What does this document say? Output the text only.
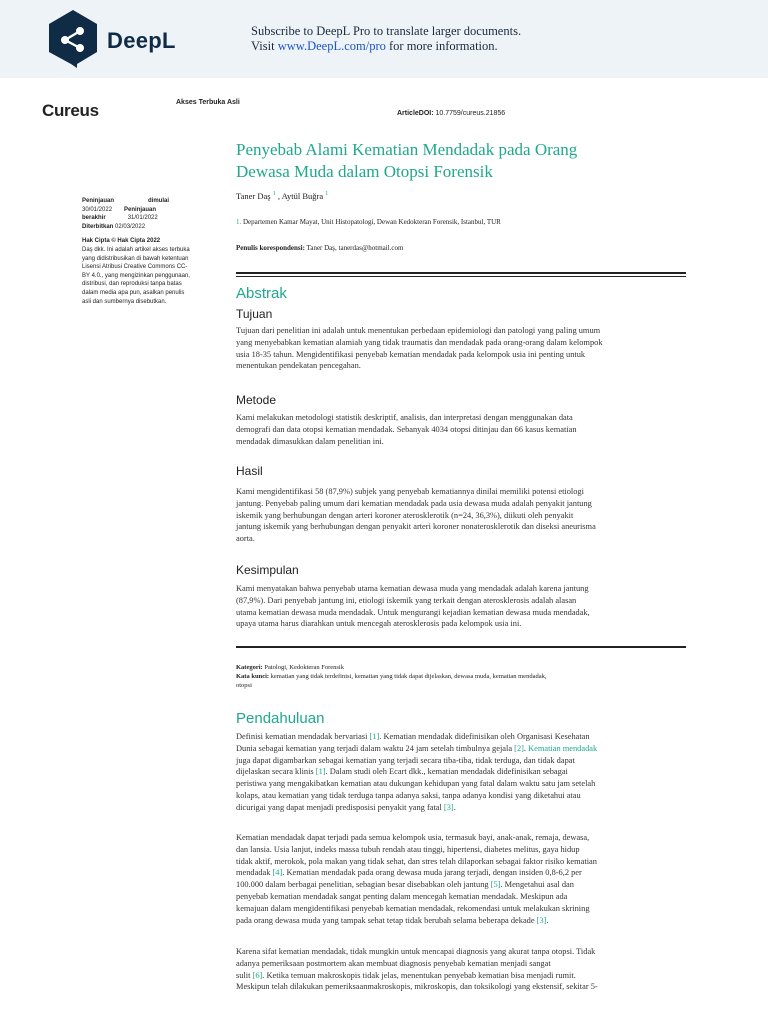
DeepL	Subscribe to DeepL Pro to translate larger documents.
Visit www.DeepL.com/pro for more information.
Cureus	Akses Terbuka Asli
ArticleDOI: 10.7759/cureus.21856
Peninjauan	dimulai
30/01/2022 Peninjauan
berakhir	31/01/2022
Diterbitkan 02/03/2022
Hak Cipta © Hak Cipta 2022
Daş dkk. Ini adalah artikel akses terbuka
yang didistribusikan di bawah ketentuan
Lisensi Atribusi Creative Commons CC-
BY 4.0., yang mengizinkan penggunaan,
distribusi, dan reproduksi tanpa batas
dalam media apa pun, asalkan penulis
asli dan sumbernya disebutkan.
Penyebab Alami Kematian Mendadak pada Orang
Dewasa Muda dalam Otopsi Forensik
Taner Daş $^1$ , Aytül Buğra $^1$
1. Departemen Kamar Mayat, Unit Histopatologi, Dewan Kedokteran Forensik, Istanbul, TUR
Penulis korespondensi: Taner Daş, tanerdas@hotmail.com
Abstrak
Tujuan
Tujuan dari penelitian ini adalah untuk menentukan perbedaan epidemiologi dan patologi yang paling umum
yang menyebabkan kematian alamiah yang tidak traumatis dan mendadak pada orang-orang dalam kelompok
usia 18-35 tahun. Mengidentifikasi penyebab kematian mendadak pada kelompok usia ini penting untuk
menentukan pendekatan pencegahan.
Metode
Kami melakukan metodologi statistik deskriptif, analisis, dan interpretasi dengan menggunakan data
demografi dan data otopsi kematian mendadak. Sebanyak 4034 otopsi ditinjau dan 66 kasus kematian
mendadak dimasukkan dalam penelitian ini.
Hasil
Kami mengidentifikasi 58 (87,9%) subjek yang penyebab kematiannya dinilai memiliki potensi etiologi
jantung. Penyebab paling umum dari kematian mendadak pada usia dewasa muda adalah penyakit jantung
iskemik yang berhubungan dengan arteri koroner aterosklerotik (n=24, 36,3%), diikuti oleh penyakit
jantung iskemik yang berhubungan dengan penyakit arteri koroner nonaterosklerotik dan diseksi aneurisma
aorta.
Kesimpulan
Kami menyatakan bahwa penyebab utama kematian dewasa muda yang mendadak adalah karena jantung
(87,9%). Dari penyebab jantung ini, etiologi iskemik yang terkait dengan aterosklerosis adalah alasan
utama kematian dewasa muda mendadak. Untuk mengurangi kejadian kematian dewasa muda mendadak,
upaya utama harus diarahkan untuk mencegah aterosklerosis pada kelompok usia ini.
Kategori: Patologi, Kedokteran Forensik
Kata kunci: kematian yang tidak terdefinisi, kematian yang tidak dapat dijelaskan, dewasa muda, kematian mendadak,
otopsi
Pendahuluan
Definisi kematian mendadak bervariasi [1]. Kematian mendadak didefinisikan oleh Organisasi Kesehatan
Dunia sebagai kematian yang terjadi dalam waktu 24 jam setelah timbulnya gejala [2]. Kematian mendadak
juga dapat digambarkan sebagai kematian yang terjadi secara tiba-tiba, tidak terduga, dan tidak dapat
dijelaskan secara klinis [1]. Dalam studi oleh Ecart dkk., kematian mendadak didefinisikan sebagai
peristiwa yang mengakibatkan kematian atau dukungan kehidupan yang fatal dalam waktu satu jam setelah
kolaps, atau kematian yang tidak terduga tanpa adanya saksi, tanpa adanya kondisi yang diketahui atau
dicurigai yang dapat menjadi predisposisi penyakit yang fatal [3].
Kematian mendadak dapat terjadi pada semua kelompok usia, termasuk bayi, anak-anak, remaja, dewasa,
dan lansia. Usia lanjut, indeks massa tubuh rendah atau tinggi, hipertensi, diabetes melitus, gaya hidup
tidak aktif, merokok, pola makan yang tidak sehat, dan stres telah dilaporkan sebagai faktor risiko kematian
mendadak [4]. Kematian mendadak pada orang dewasa muda jarang terjadi, dengan insiden 0,8-6,2 per
100.000 dalam berbagai penelitian, sebagian besar disebabkan oleh jantung [5]. Mengetahui asal dan
penyebab kematian mendadak sangat penting dalam mencegah kematian mendadak. Meskipun ada
kemajuan dalam mengidentifikasi penyebab kematian mendadak, rekomendasi untuk melakukan skrining
pada orang dewasa muda yang tampak sehat tetap tidak berubah selama beberapa dekade [3].
Karena sifat kematian mendadak, tidak mungkin untuk mencapai diagnosis yang akurat tanpa otopsi. Tidak
adanya pemeriksaan postmortem akan membuat diagnosis penyebab kematian menjadi sangat
sulit [6]. Ketika temuan makroskopis tidak jelas, menentukan penyebab kematian bisa menjadi rumit.
Meskipun telah dilakukan pemeriksaanmakroskopis, mikroskopis, dan toksikologi yang ekstensif, sekitar 5-
